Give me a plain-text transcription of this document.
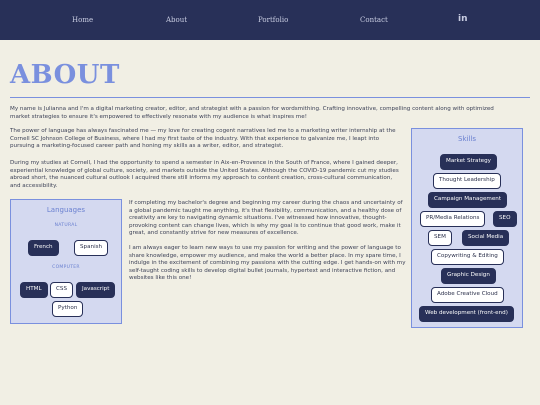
Home	About	Portfolio	Contact	in
ABOUT

My name is Julianna and I'm a digital marketing creator, editor, and strategist with a passion for wordsmithing. Crafting innovative, compelling content along with optimized market strategies to ensure it's empowered to effectively resonate with my audience is what inspires me!

The power of language has always fascinated me — my love for creating cogent narratives led me to a marketing writer internship at the Cornell SC Johnson College of Business, where I had my first taste of the industry. With that experience to galvanize me, I leapt into pursuing a marketing-focused career path and honing my skills as a writer, editor, and strategist.

During my studies at Cornell, I had the opportunity to spend a semester in Aix-en-Provence in the South of France, where I gained deeper, experiential knowledge of global culture, society, and markets outside the United States. Although the COVID-19 pandemic cut my studies abroad short, the nuanced cultural outlook I acquired there still informs my approach to content creation, cross-cultural communication, and accessibility.

If completing my bachelor's degree and beginning my career during the chaos and uncertainty of a global pandemic taught me anything, it's that flexibility, communication, and a healthy dose of creativity are key to navigating dynamic situations. I've witnessed how innovative, thought-provoking content can change lives, which is why my goal is to continue that good work, make it great, and constantly strive for new measures of excellence.

I am always eager to learn new ways to use my passion for writing and the power of language to share knowledge, empower my audience, and make the world a better place. In my spare time, I indulge in the excitement of combining my passions with the cutting edge. I get hands-on with my self-taught coding skills to develop digital bullet journals, hypertext and interactive fiction, and websites like this one!

Languages
NATURAL
French	Spanish
COMPUTER
HTML	CSS	Javascript
Python
Skills
Market Strategy
Thought Leadership
Campaign Management
PR/Media Relations	SEO
SEM	Social Media
Copywriting & Editing
Graphic Design
Adobe Creative Cloud
Web development (front-end)
